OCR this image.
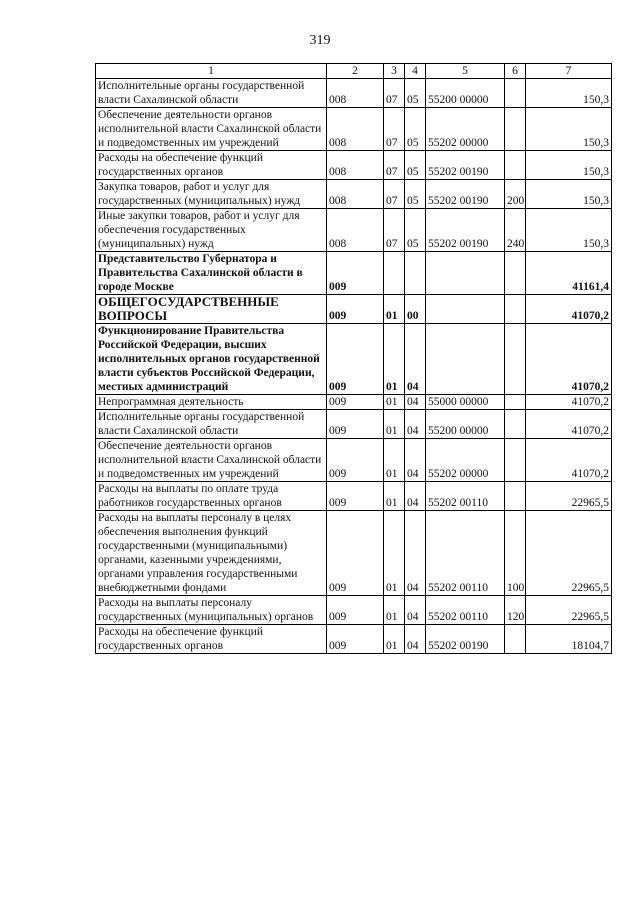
319
1	2	3	4	5	6	7
Исполнительные органы государственной власти Сахалинской области	008	07	05	55200 00000		150,3
Обеспечение деятельности органов исполнительной власти Сахалинской области и подведомственных им учреждений	008	07	05	55202 00000		150,3
Расходы на обеспечение функций государственных органов	008	07	05	55202 00190		150,3
Закупка товаров, работ и услуг для государственных (муниципальных) нужд	008	07	05	55202 00190	200	150,3
Иные закупки товаров, работ и услуг для обеспечения государственных (муниципальных) нужд	008	07	05	55202 00190	240	150,3
Представительство Губернатора и Правительства Сахалинской области в городе Москве	009					41161,4
ОБЩЕГОСУДАРСТВЕННЫЕ ВОПРОСЫ	009	01	00			41070,2
Функционирование Правительства Российской Федерации, высших исполнительных органов государственной власти субъектов Российской Федерации, местных администраций	009	01	04			41070,2
Непрограммная деятельность	009	01	04	55000 00000		41070,2
Исполнительные органы государственной власти Сахалинской области	009	01	04	55200 00000		41070,2
Обеспечение деятельности органов исполнительной власти Сахалинской области и подведомственных им учреждений	009	01	04	55202 00000		41070,2
Расходы на выплаты по оплате труда работников государственных органов	009	01	04	55202 00110		22965,5
Расходы на выплаты персоналу в целях обеспечения выполнения функций государственными (муниципальными) органами, казенными учреждениями, органами управления государственными внебюджетными фондами	009	01	04	55202 00110	100	22965,5
Расходы на выплаты персоналу государственных (муниципальных) органов	009	01	04	55202 00110	120	22965,5
Расходы на обеспечение функций государственных органов	009	01	04	55202 00190		18104,7
